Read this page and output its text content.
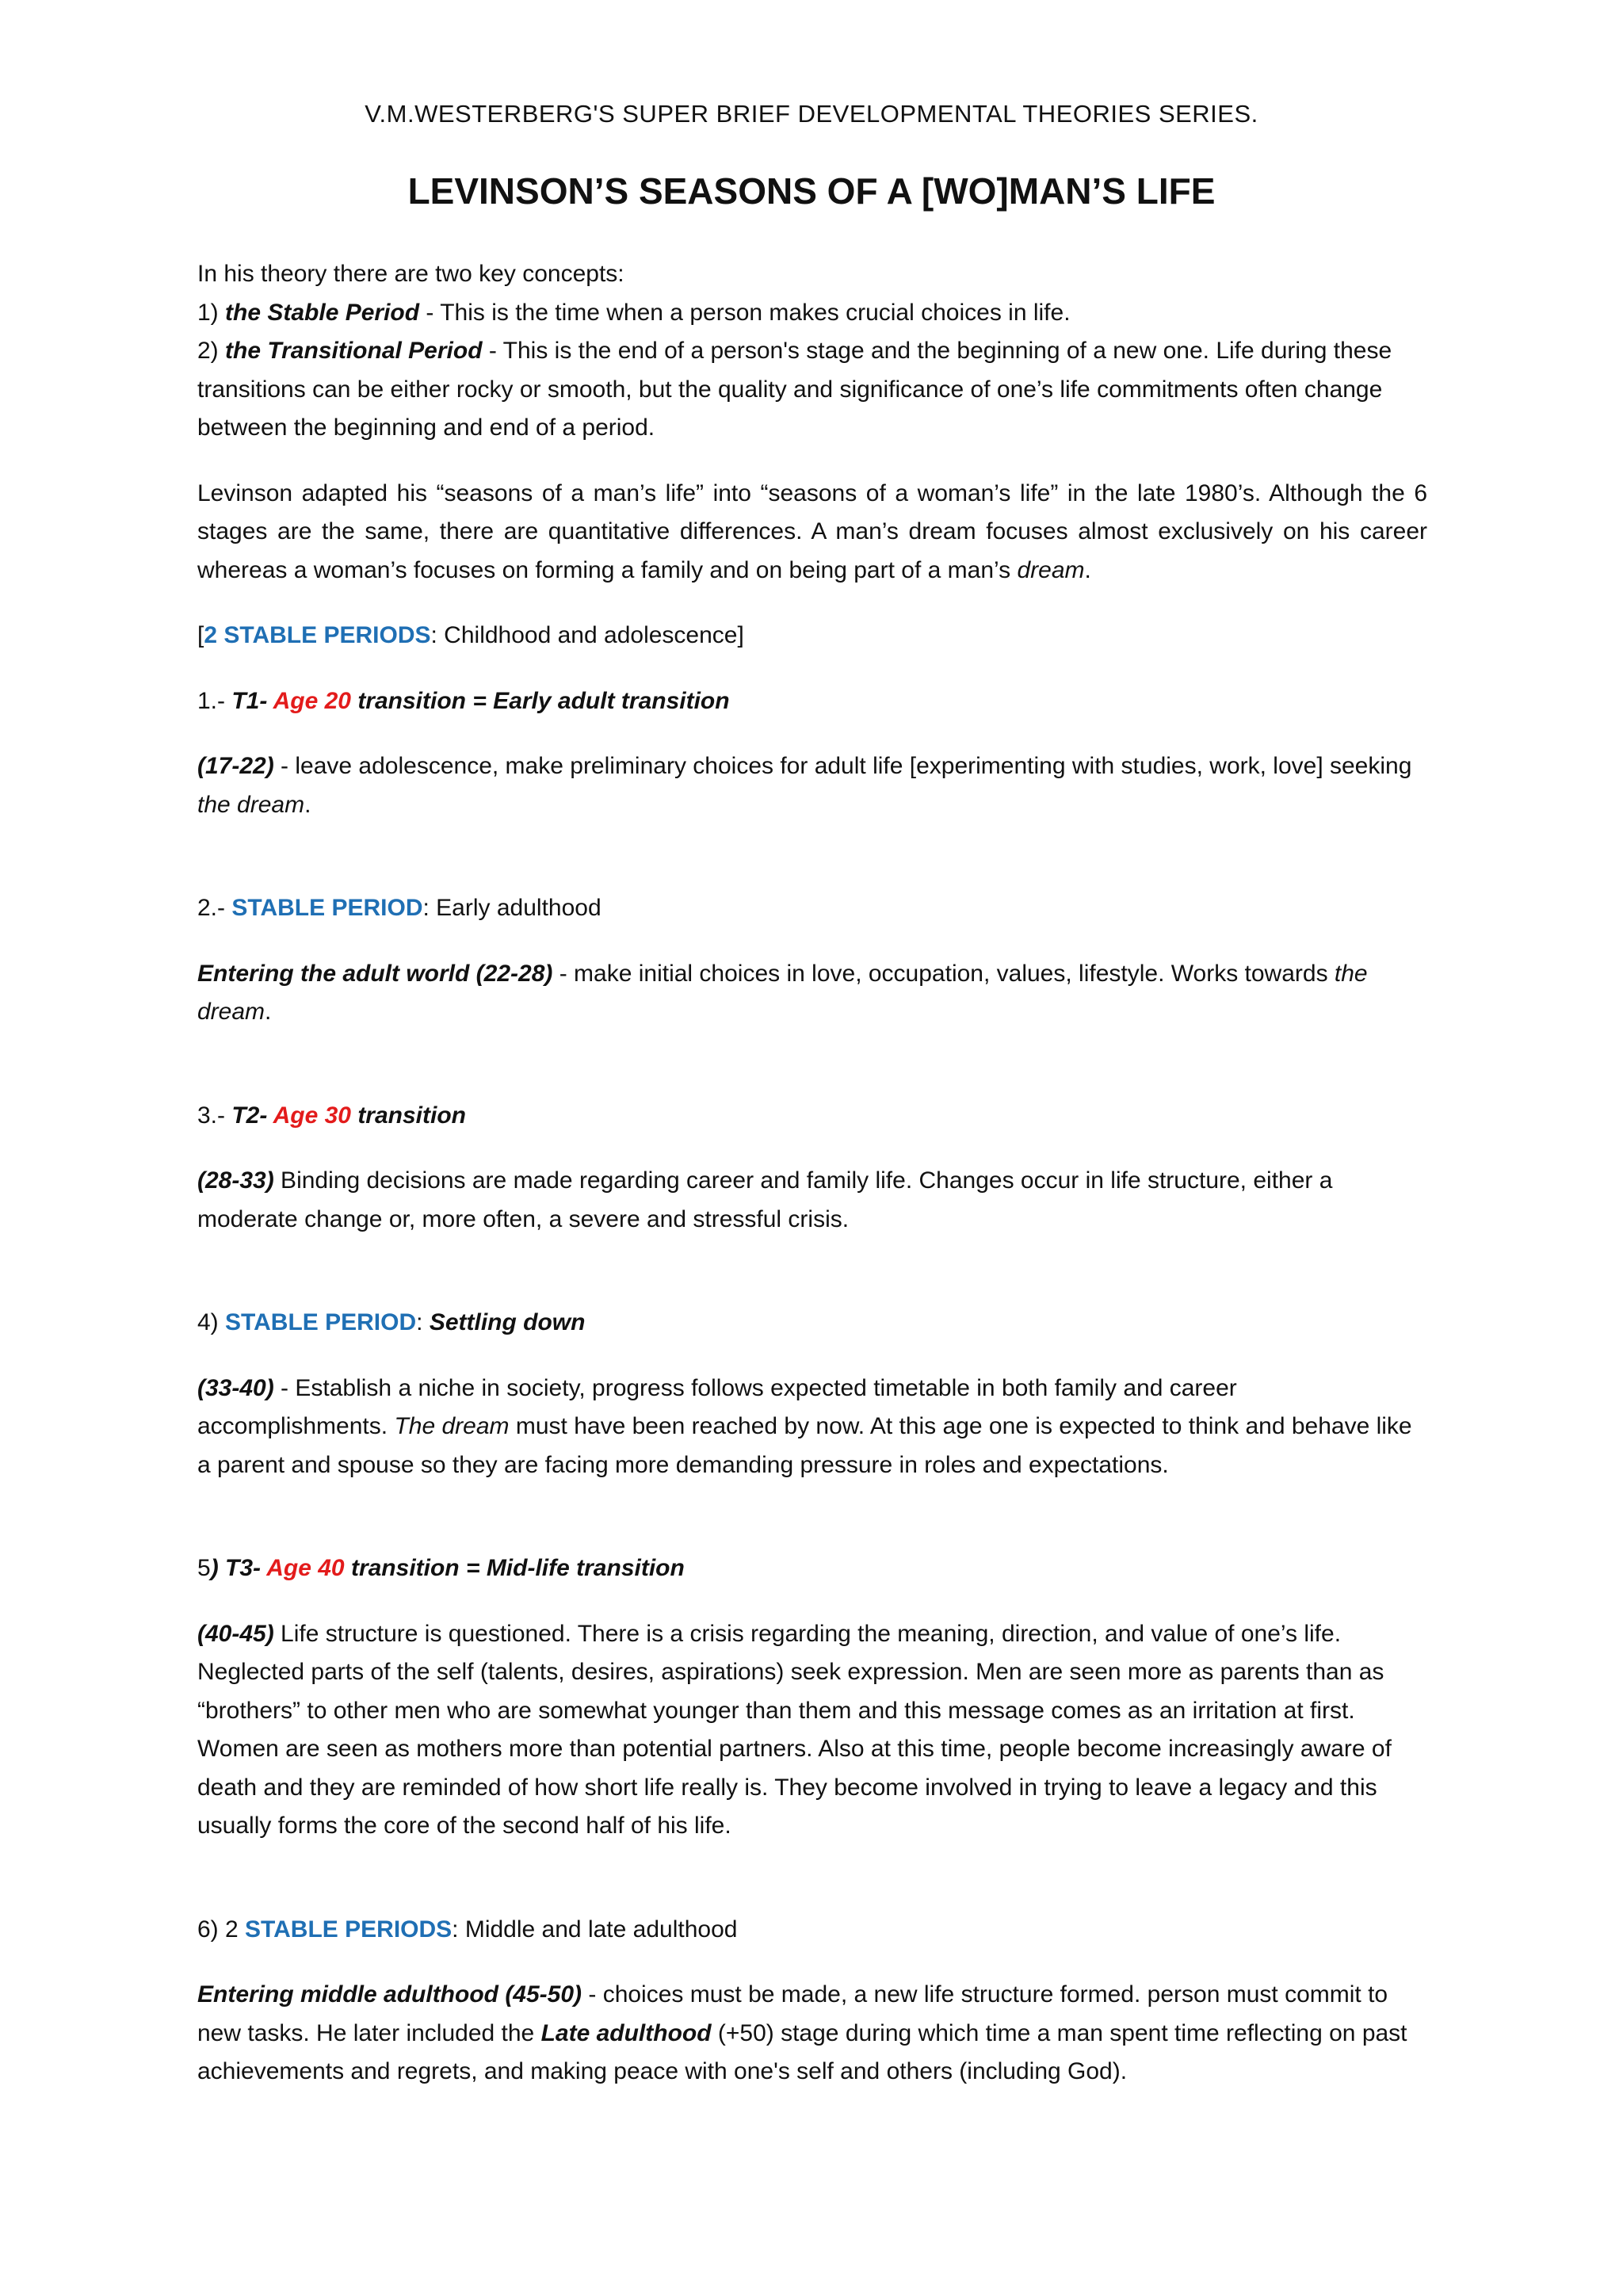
V.M.WESTERBERG'S SUPER BRIEF DEVELOPMENTAL THEORIES SERIES.
LEVINSON’S SEASONS OF A [WO]MAN’S LIFE

In his theory there are two key concepts:
1) the Stable Period - This is the time when a person makes crucial choices in life.
2) the Transitional Period - This is the end of a person's stage and the beginning of a new one. Life during these transitions can be either rocky or smooth, but the quality and significance of one’s life commitments often change between the beginning and end of a period.

Levinson adapted his “seasons of a man’s life” into “seasons of a woman’s life” in the late 1980’s. Although the 6 stages are the same, there are quantitative differences. A man’s dream focuses almost exclusively on his career whereas a woman’s focuses on forming a family and on being part of a man’s dream.

[2 STABLE PERIODS: Childhood and adolescence]

1.- T1- Age 20 transition = Early adult transition

(17-22) - leave adolescence, make preliminary choices for adult life [experimenting with studies, work, love] seeking the dream.

2.- STABLE PERIOD: Early adulthood

Entering the adult world (22-28) - make initial choices in love, occupation, values, lifestyle. Works towards the dream.

3.- T2- Age 30 transition

(28-33) Binding decisions are made regarding career and family life. Changes occur in life structure, either a moderate change or, more often, a severe and stressful crisis.

4) STABLE PERIOD: Settling down

(33-40) - Establish a niche in society, progress follows expected timetable in both family and career accomplishments. The dream must have been reached by now. At this age one is expected to think and behave like a parent and spouse so they are facing more demanding pressure in roles and expectations.

5) T3- Age 40 transition = Mid-life transition

(40-45) Life structure is questioned. There is a crisis regarding the meaning, direction, and value of one’s life. Neglected parts of the self (talents, desires, aspirations) seek expression. Men are seen more as parents than as “brothers” to other men who are somewhat younger than them and this message comes as an irritation at first. Women are seen as mothers more than potential partners. Also at this time, people become increasingly aware of death and they are reminded of how short life really is. They become involved in trying to leave a legacy and this usually forms the core of the second half of his life.

6) 2 STABLE PERIODS: Middle and late adulthood

Entering middle adulthood (45-50) - choices must be made, a new life structure formed. person must commit to new tasks. He later included the Late adulthood (+50) stage during which time a man spent time reflecting on past achievements and regrets, and making peace with one's self and others (including God).
